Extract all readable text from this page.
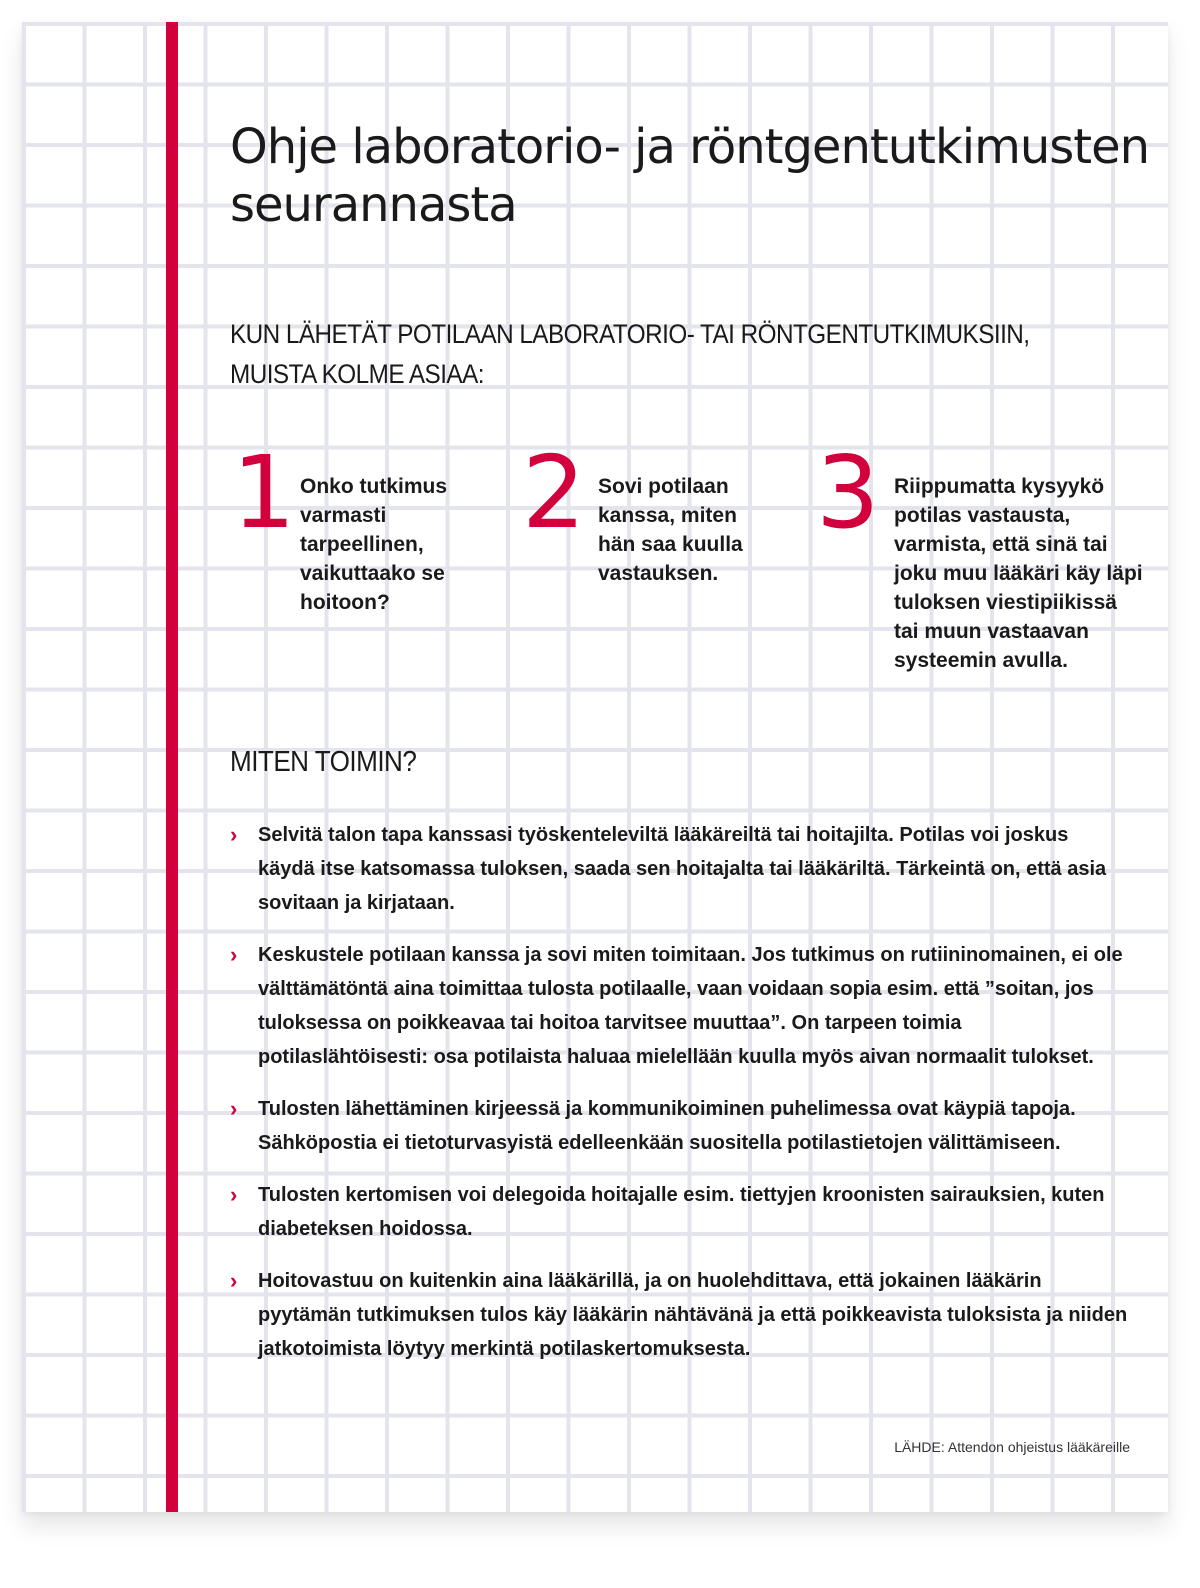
Ohje laboratorio- ja röntgentutkimusten seurannasta

KUN LÄHETÄT POTILAAN LABORATORIO- TAI RÖNTGENTUTKIMUKSIIN, MUISTA KOLME ASIAA:

1 Onko tutkimus varmasti tarpeellinen, vaikuttaako se hoitoon?
2 Sovi potilaan kanssa, miten hän saa kuulla vastauksen.
3 Riippumatta kysyykö potilas vastausta, varmista, että sinä tai joku muu lääkäri käy läpi tuloksen viestipiikissä tai muun vastaavan systeemin avulla.
MITEN TOIMIN?
› Selvitä talon tapa kanssasi työskenteleviltä lääkäreiltä tai hoitajilta. Potilas voi joskus käydä itse katsomassa tuloksen, saada sen hoitajalta tai lääkäriltä. Tärkeintä on, että asia sovitaan ja kirjataan.
› Keskustele potilaan kanssa ja sovi miten toimitaan. Jos tutkimus on rutiininomainen, ei ole välttämätöntä aina toimittaa tulosta potilaalle, vaan voidaan sopia esim. että ”soitan, jos tuloksessa on poikkeavaa tai hoitoa tarvitsee muuttaa”. On tarpeen toimia potilaslähtöisesti: osa potilaista haluaa mielellään kuulla myös aivan normaalit tulokset.
› Tulosten lähettäminen kirjeessä ja kommunikoiminen puhelimessa ovat käypiä tapoja. Sähköpostia ei tietoturvasyistä edelleenkään suositella potilastietojen välittämiseen.
› Tulosten kertomisen voi delegoida hoitajalle esim. tiettyjen kroonisten sairauksien, kuten diabeteksen hoidossa.
› Hoitovastuu on kuitenkin aina lääkärillä, ja on huolehdittava, että jokainen lääkärin pyytämän tutkimuksen tulos käy lääkärin nähtävänä ja että poikkeavista tuloksista ja niiden jatkotoimista löytyy merkintä potilaskertomuksesta.
LÄHDE: Attendon ohjeistus lääkäreille
